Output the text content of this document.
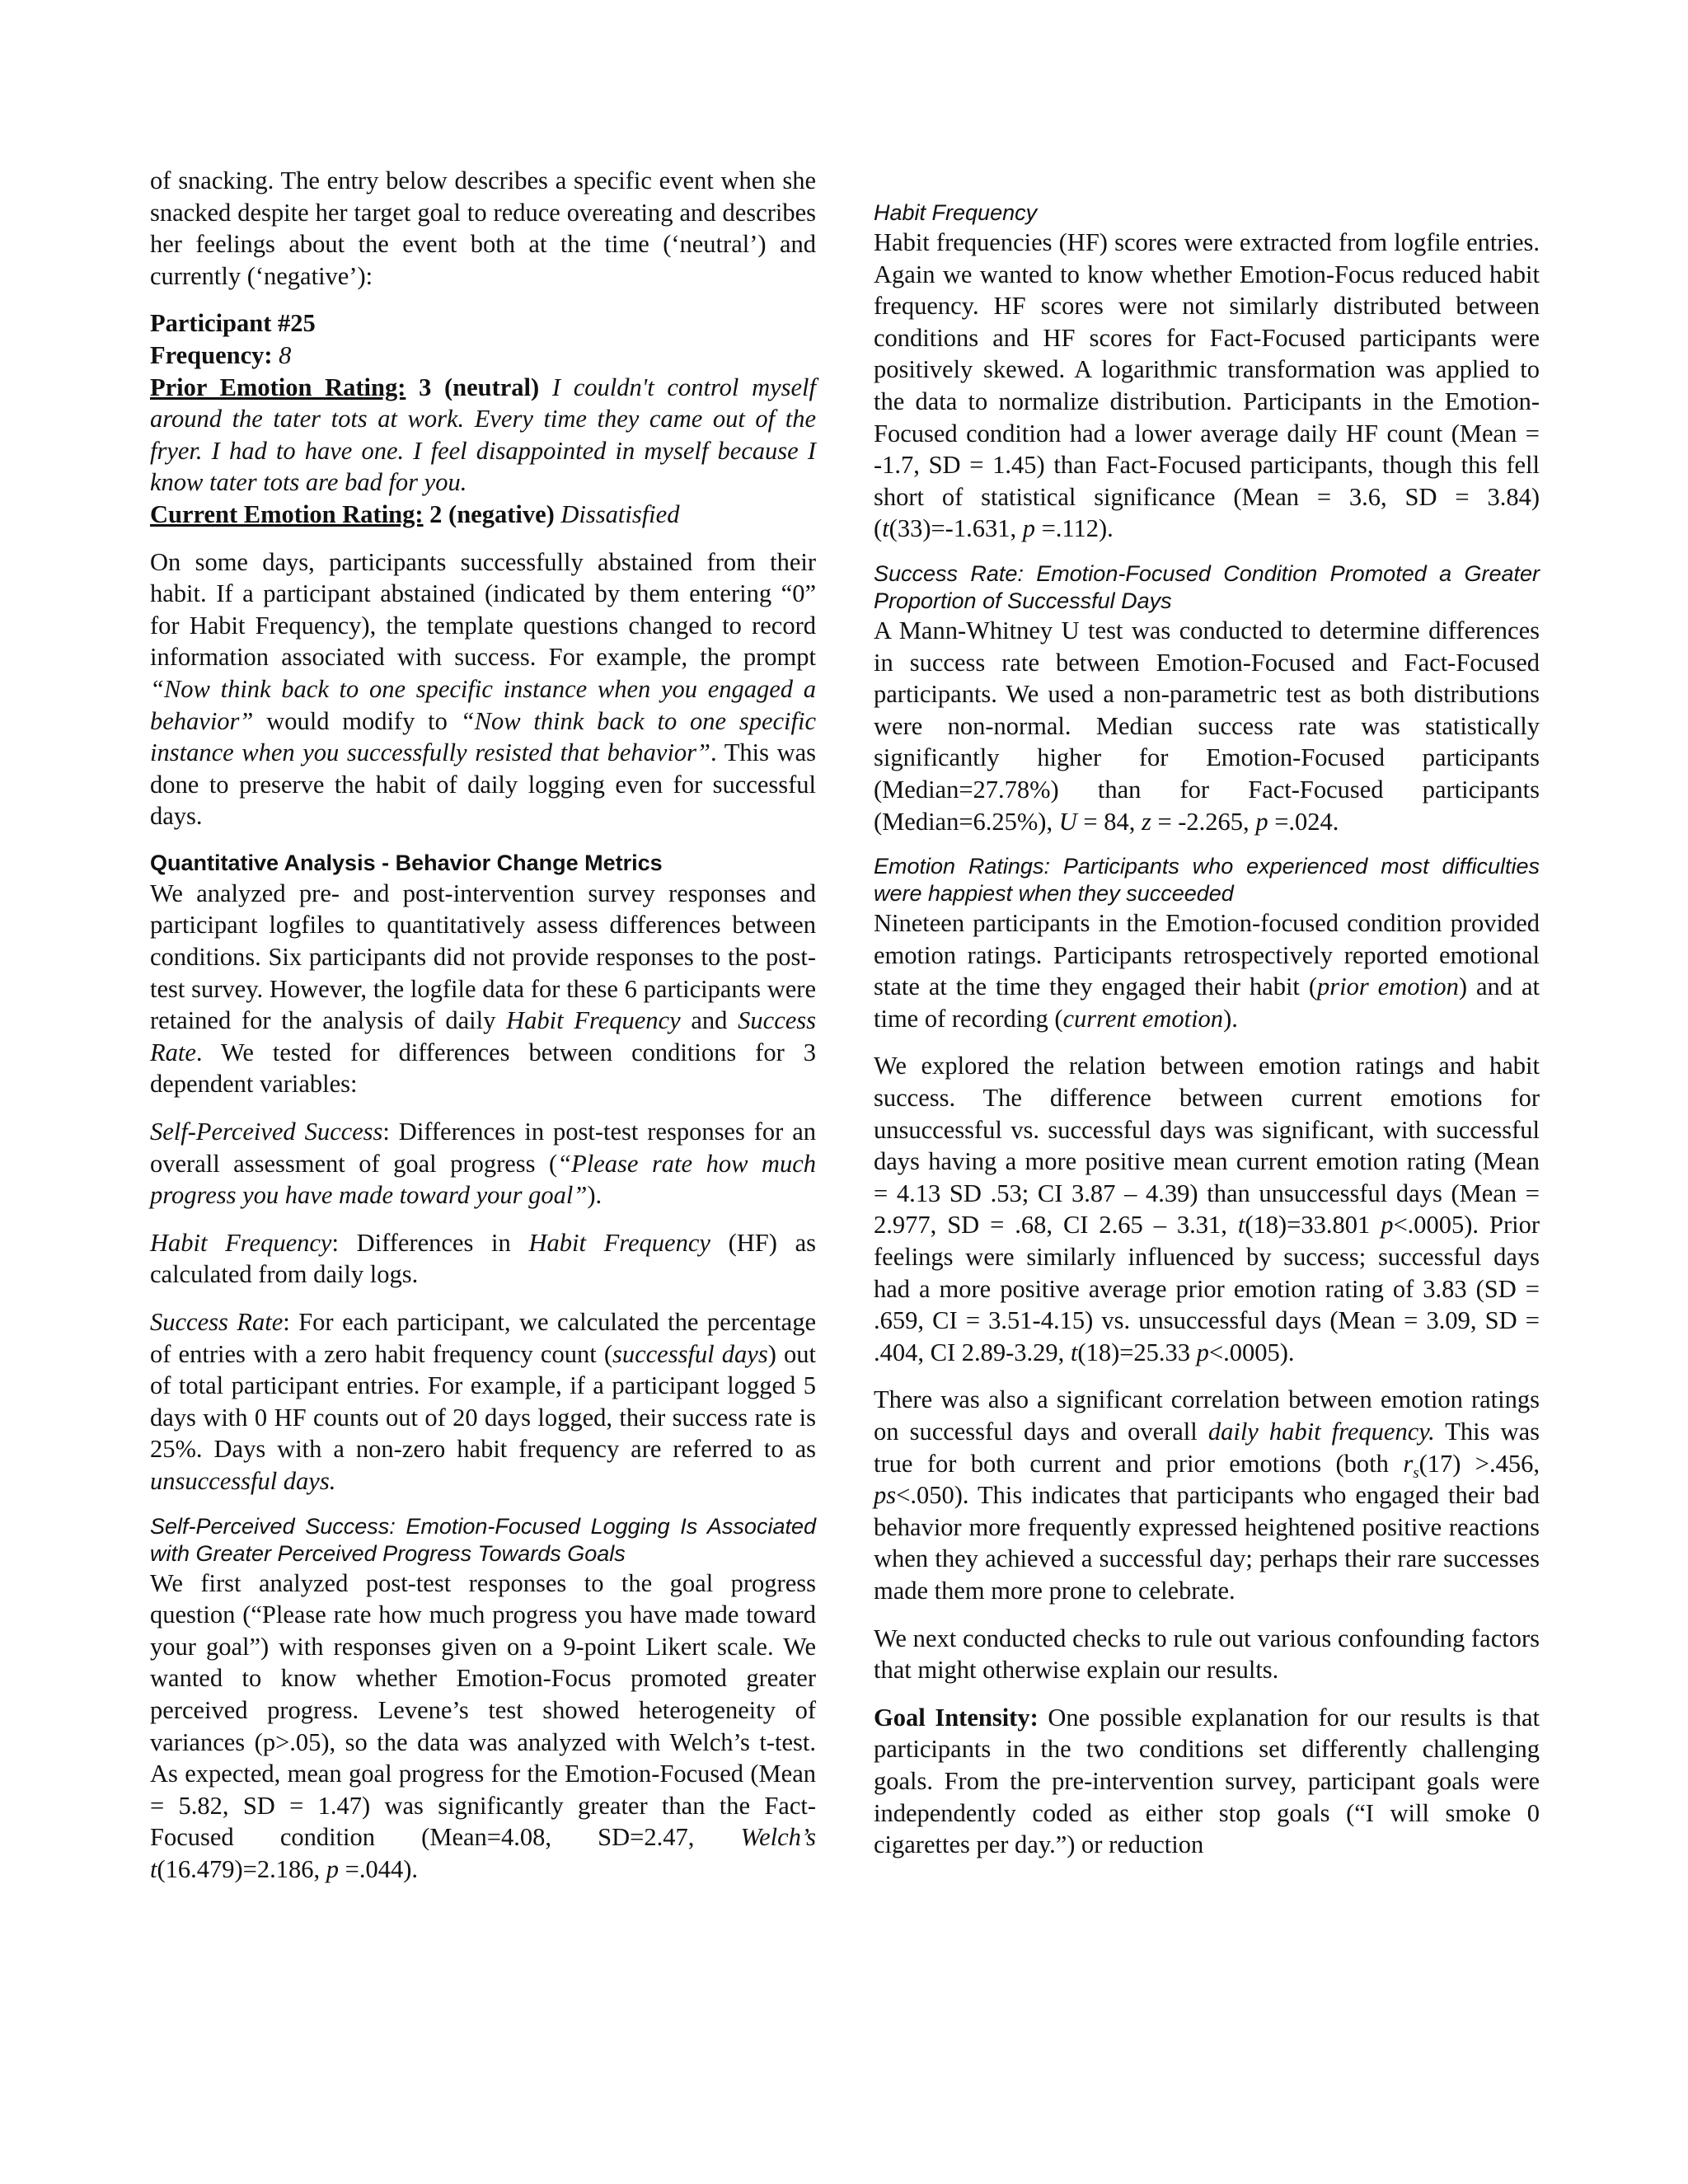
of snacking. The entry below describes a specific event when she snacked despite her target goal to reduce overeating and describes her feelings about the event both at the time (‘neutral’) and currently (‘negative’):

Participant #25
Frequency: 8

Prior Emotion Rating: 3 (neutral) I couldn't control myself around the tater tots at work. Every time they came out of the fryer. I had to have one. I feel disappointed in myself because I know tater tots are bad for you.

Current Emotion Rating: 2 (negative) Dissatisfied

On some days, participants successfully abstained from their habit. If a participant abstained (indicated by them entering “0” for Habit Frequency), the template questions changed to record information associated with success. For example, the prompt “Now think back to one specific instance when you engaged a behavior” would modify to “Now think back to one specific instance when you successfully resisted that behavior”. This was done to preserve the habit of daily logging even for successful days.

Quantitative Analysis - Behavior Change Metrics

We analyzed pre- and post-intervention survey responses and participant logfiles to quantitatively assess differences between conditions. Six participants did not provide responses to the post-test survey. However, the logfile data for these 6 participants were retained for the analysis of daily Habit Frequency and Success Rate. We tested for differences between conditions for 3 dependent variables:

Self-Perceived Success: Differences in post-test responses for an overall assessment of goal progress (“Please rate how much progress you have made toward your goal”).

Habit Frequency: Differences in Habit Frequency (HF) as calculated from daily logs.

Success Rate: For each participant, we calculated the percentage of entries with a zero habit frequency count (successful days) out of total participant entries. For example, if a participant logged 5 days with 0 HF counts out of 20 days logged, their success rate is 25%. Days with a non-zero habit frequency are referred to as unsuccessful days.

Self-Perceived Success: Emotion-Focused Logging Is Associated with Greater Perceived Progress Towards Goals

We first analyzed post-test responses to the goal progress question (“Please rate how much progress you have made toward your goal”) with responses given on a 9-point Likert scale. We wanted to know whether Emotion-Focus promoted greater perceived progress. Levene’s test showed heterogeneity of variances (p>.05), so the data was analyzed with Welch’s t-test. As expected, mean goal progress for the Emotion-Focused (Mean = 5.82, SD = 1.47) was significantly greater than the Fact-Focused condition (Mean=4.08, SD=2.47, Welch’s t(16.479)=2.186, p =.044).

Habit Frequency

Habit frequencies (HF) scores were extracted from logfile entries. Again we wanted to know whether Emotion-Focus reduced habit frequency. HF scores were not similarly distributed between conditions and HF scores for Fact-Focused participants were positively skewed. A logarithmic transformation was applied to the data to normalize distribution. Participants in the Emotion-Focused condition had a lower average daily HF count (Mean = -1.7, SD = 1.45) than Fact-Focused participants, though this fell short of statistical significance (Mean = 3.6, SD = 3.84) (t(33)=-1.631, p =.112).

Success Rate: Emotion-Focused Condition Promoted a Greater Proportion of Successful Days

A Mann-Whitney U test was conducted to determine differences in success rate between Emotion-Focused and Fact-Focused participants. We used a non-parametric test as both distributions were non-normal. Median success rate was statistically significantly higher for Emotion-Focused participants (Median=27.78%) than for Fact-Focused participants (Median=6.25%), U = 84, z = -2.265, p =.024.

Emotion Ratings: Participants who experienced most difficulties were happiest when they succeeded

Nineteen participants in the Emotion-focused condition provided emotion ratings. Participants retrospectively reported emotional state at the time they engaged their habit (prior emotion) and at time of recording (current emotion).

We explored the relation between emotion ratings and habit success. The difference between current emotions for unsuccessful vs. successful days was significant, with successful days having a more positive mean current emotion rating (Mean = 4.13 SD .53; CI 3.87 – 4.39) than unsuccessful days (Mean = 2.977, SD = .68, CI 2.65 – 3.31, t(18)=33.801 p<.0005). Prior feelings were similarly influenced by success; successful days had a more positive average prior emotion rating of 3.83 (SD = .659, CI = 3.51-4.15) vs. unsuccessful days (Mean = 3.09, SD = .404, CI 2.89-3.29, t(18)=25.33 p<.0005).

There was also a significant correlation between emotion ratings on successful days and overall daily habit frequency. This was true for both current and prior emotions (both $r_s(17) >.456$, ps<.050). This indicates that participants who engaged their bad behavior more frequently expressed heightened positive reactions when they achieved a successful day; perhaps their rare successes made them more prone to celebrate.

We next conducted checks to rule out various confounding factors that might otherwise explain our results.

Goal Intensity: One possible explanation for our results is that participants in the two conditions set differently challenging goals. From the pre-intervention survey, participant goals were independently coded as either stop goals (“I will smoke 0 cigarettes per day.”) or reduction
